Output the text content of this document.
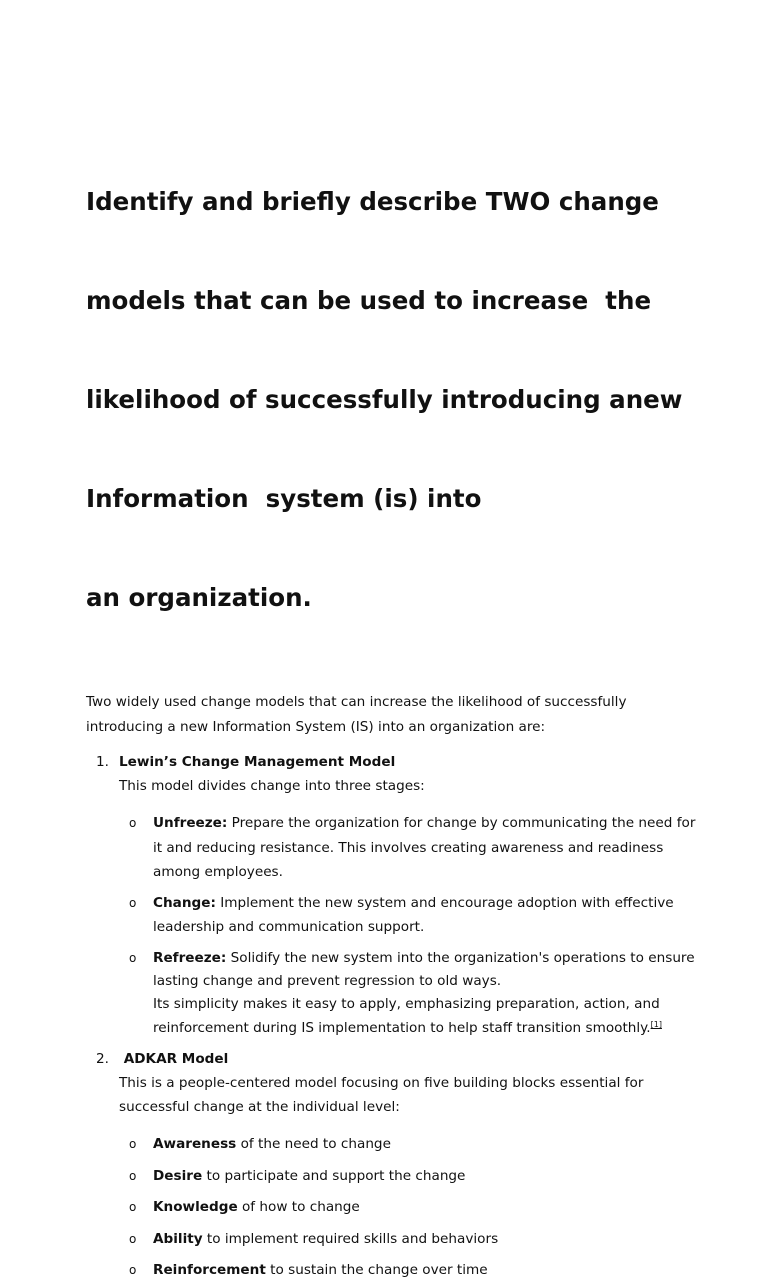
Identify and briefly describe TWO change

models that can be used to increase  the

likelihood of successfully introducing anew

Information  system (is) into

an organization.

Two widely used change models that can increase the likelihood of successfully
introducing a new Information System (IS) into an organization are:

1. Lewin’s Change Management Model
This model divides change into three stages:
o Unfreeze: Prepare the organization for change by communicating the need for
it and reducing resistance. This involves creating awareness and readiness
among employees.
o Change: Implement the new system and encourage adoption with effective
leadership and communication support.
o Refreeze: Solidify the new system into the organization's operations to ensure
lasting change and prevent regression to old ways.
Its simplicity makes it easy to apply, emphasizing preparation, action, and
reinforcement during IS implementation to help staff transition smoothly.[1]
2. ADKAR Model
This is a people-centered model focusing on five building blocks essential for
successful change at the individual level:
o Awareness of the need to change
o Desire to participate and support the change
o Knowledge of how to change
o Ability to implement required skills and behaviors
o Reinforcement to sustain the change over time
